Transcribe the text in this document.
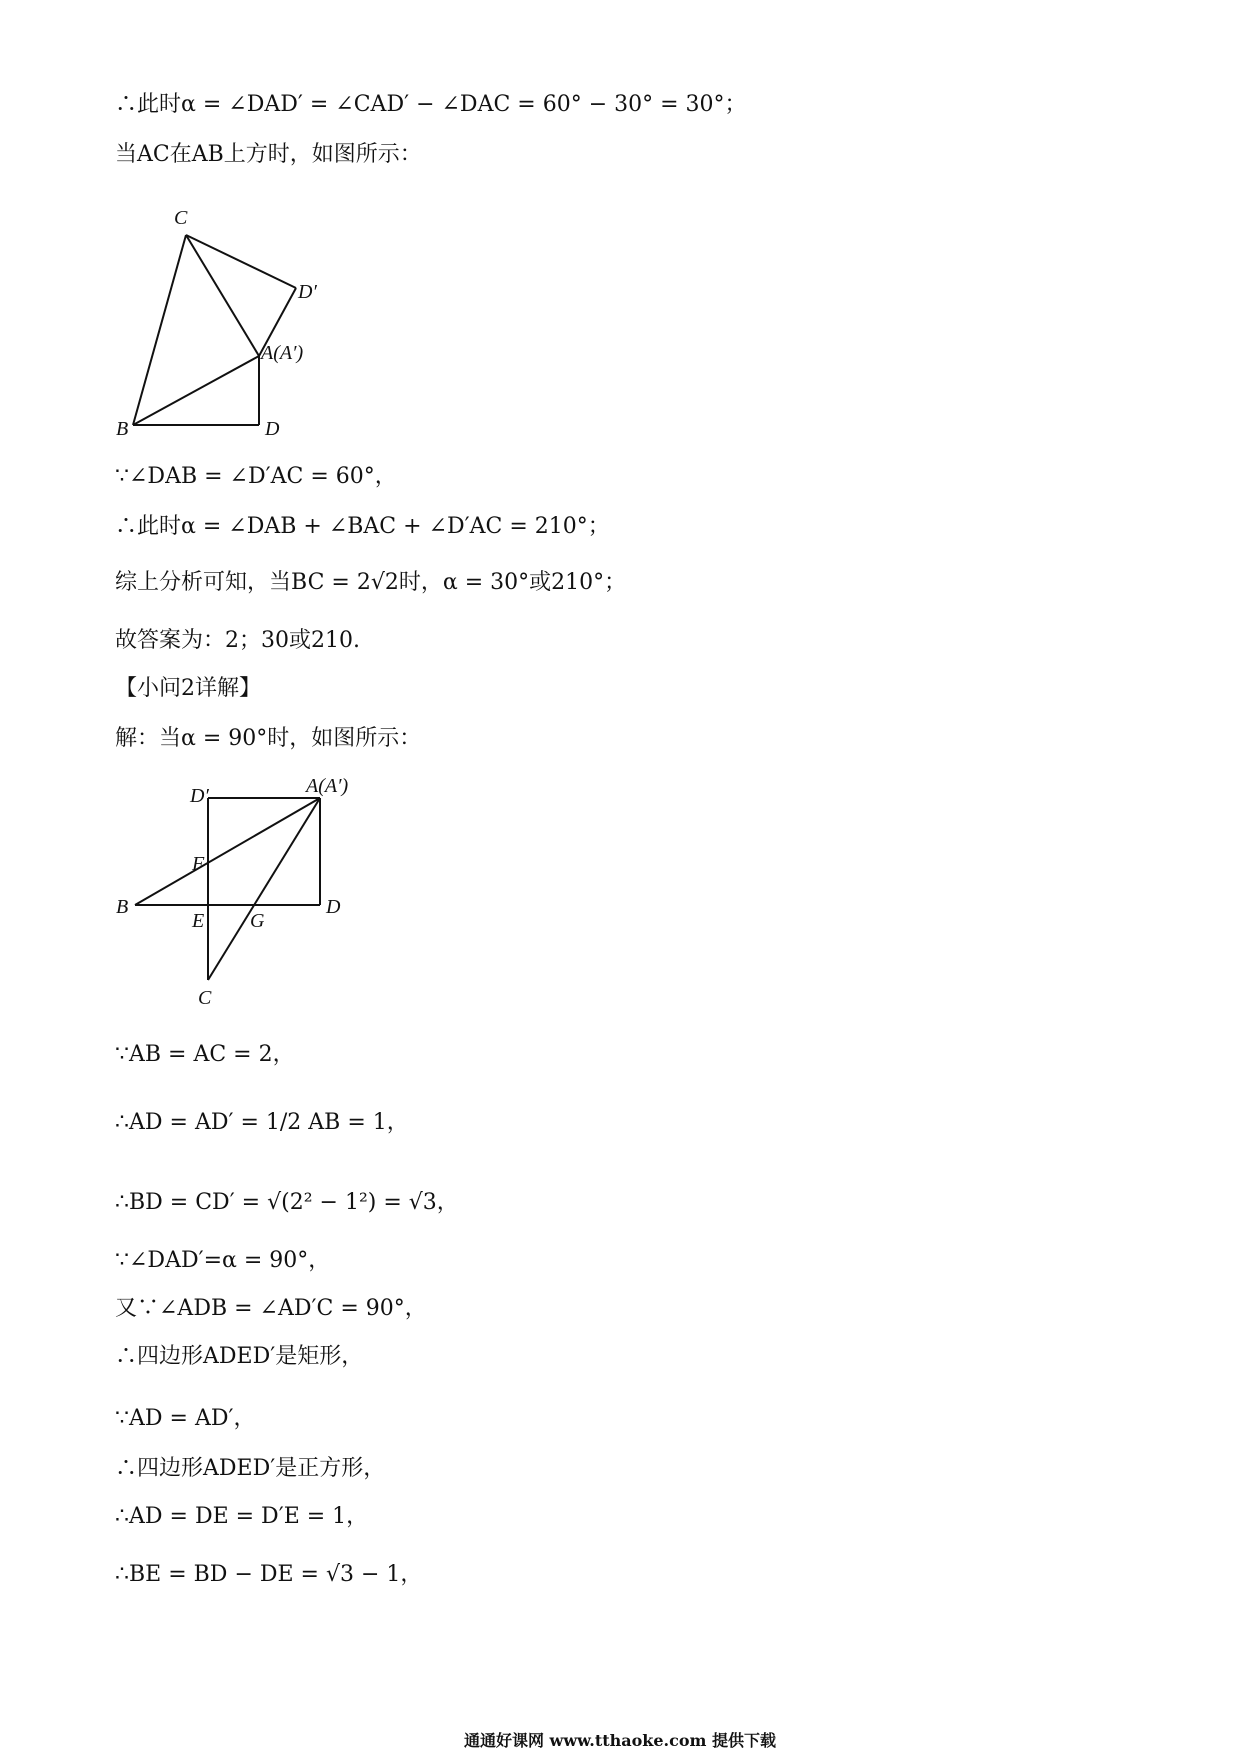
∴此时α = ∠DAD′ = ∠CAD′ − ∠DAC = 60° − 30° = 30°；
当AC在AB上方时，如图所示：
C
D′
A(A′)
B	D
∵∠DAB = ∠D′AC = 60°，
∴此时α = ∠DAB + ∠BAC + ∠D′AC = 210°；
综上分析可知，当BC = 2√2时，α = 30°或210°；
故答案为：2；30或210.
【小问2详解】
解：当α = 90°时，如图所示：
D′	A(A′)
F
B
E G
D
C
∵AB = AC = 2，
∴AD = AD′ = 1/2 AB = 1，
∴BD = CD′ = √(2² − 1²) = √3，
∵∠DAD′=α = 90°，
又∵∠ADB = ∠AD′C = 90°，
∴四边形ADED′是矩形，
∵AD = AD′，
∴四边形ADED′是正方形，
∴AD = DE = D′E = 1，
∴BE = BD − DE = √3 − 1，
通通好课网 www.tthaoke.com 提供下载
